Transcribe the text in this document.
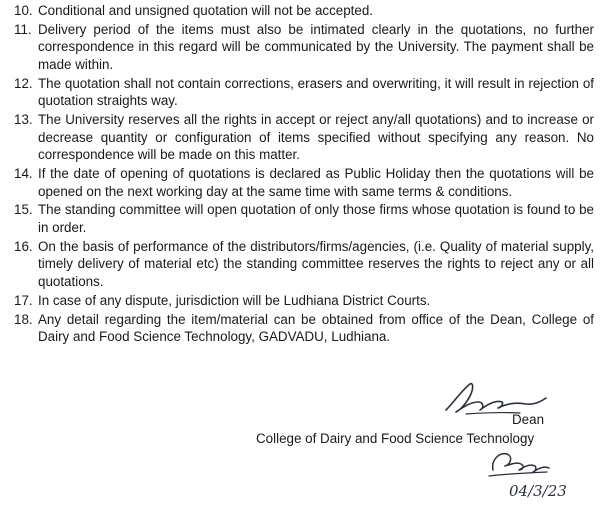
10. Conditional and unsigned quotation will not be accepted.
11. Delivery period of the items must also be intimated clearly in the quotations, no further correspondence in this regard will be communicated by the University. The payment shall be made within.
12. The quotation shall not contain corrections, erasers and overwriting, it will result in rejection of quotation straights way.
13. The University reserves all the rights in accept or reject any/all quotations) and to increase or decrease quantity or configuration of items specified without specifying any reason. No correspondence will be made on this matter.
14. If the date of opening of quotations is declared as Public Holiday then the quotations will be opened on the next working day at the same time with same terms & conditions.
15. The standing committee will open quotation of only those firms whose quotation is found to be in order.
16. On the basis of performance of the distributors/firms/agencies, (i.e. Quality of material supply, timely delivery of material etc) the standing committee reserves the rights to reject any or all quotations.
17. In case of any dispute, jurisdiction will be Ludhiana District Courts.
18. Any detail regarding the item/material can be obtained from office of the Dean, College of Dairy and Food Science Technology, GADVADU, Ludhiana.
Dean
College of Dairy and Food Science Technology
04/3/23
